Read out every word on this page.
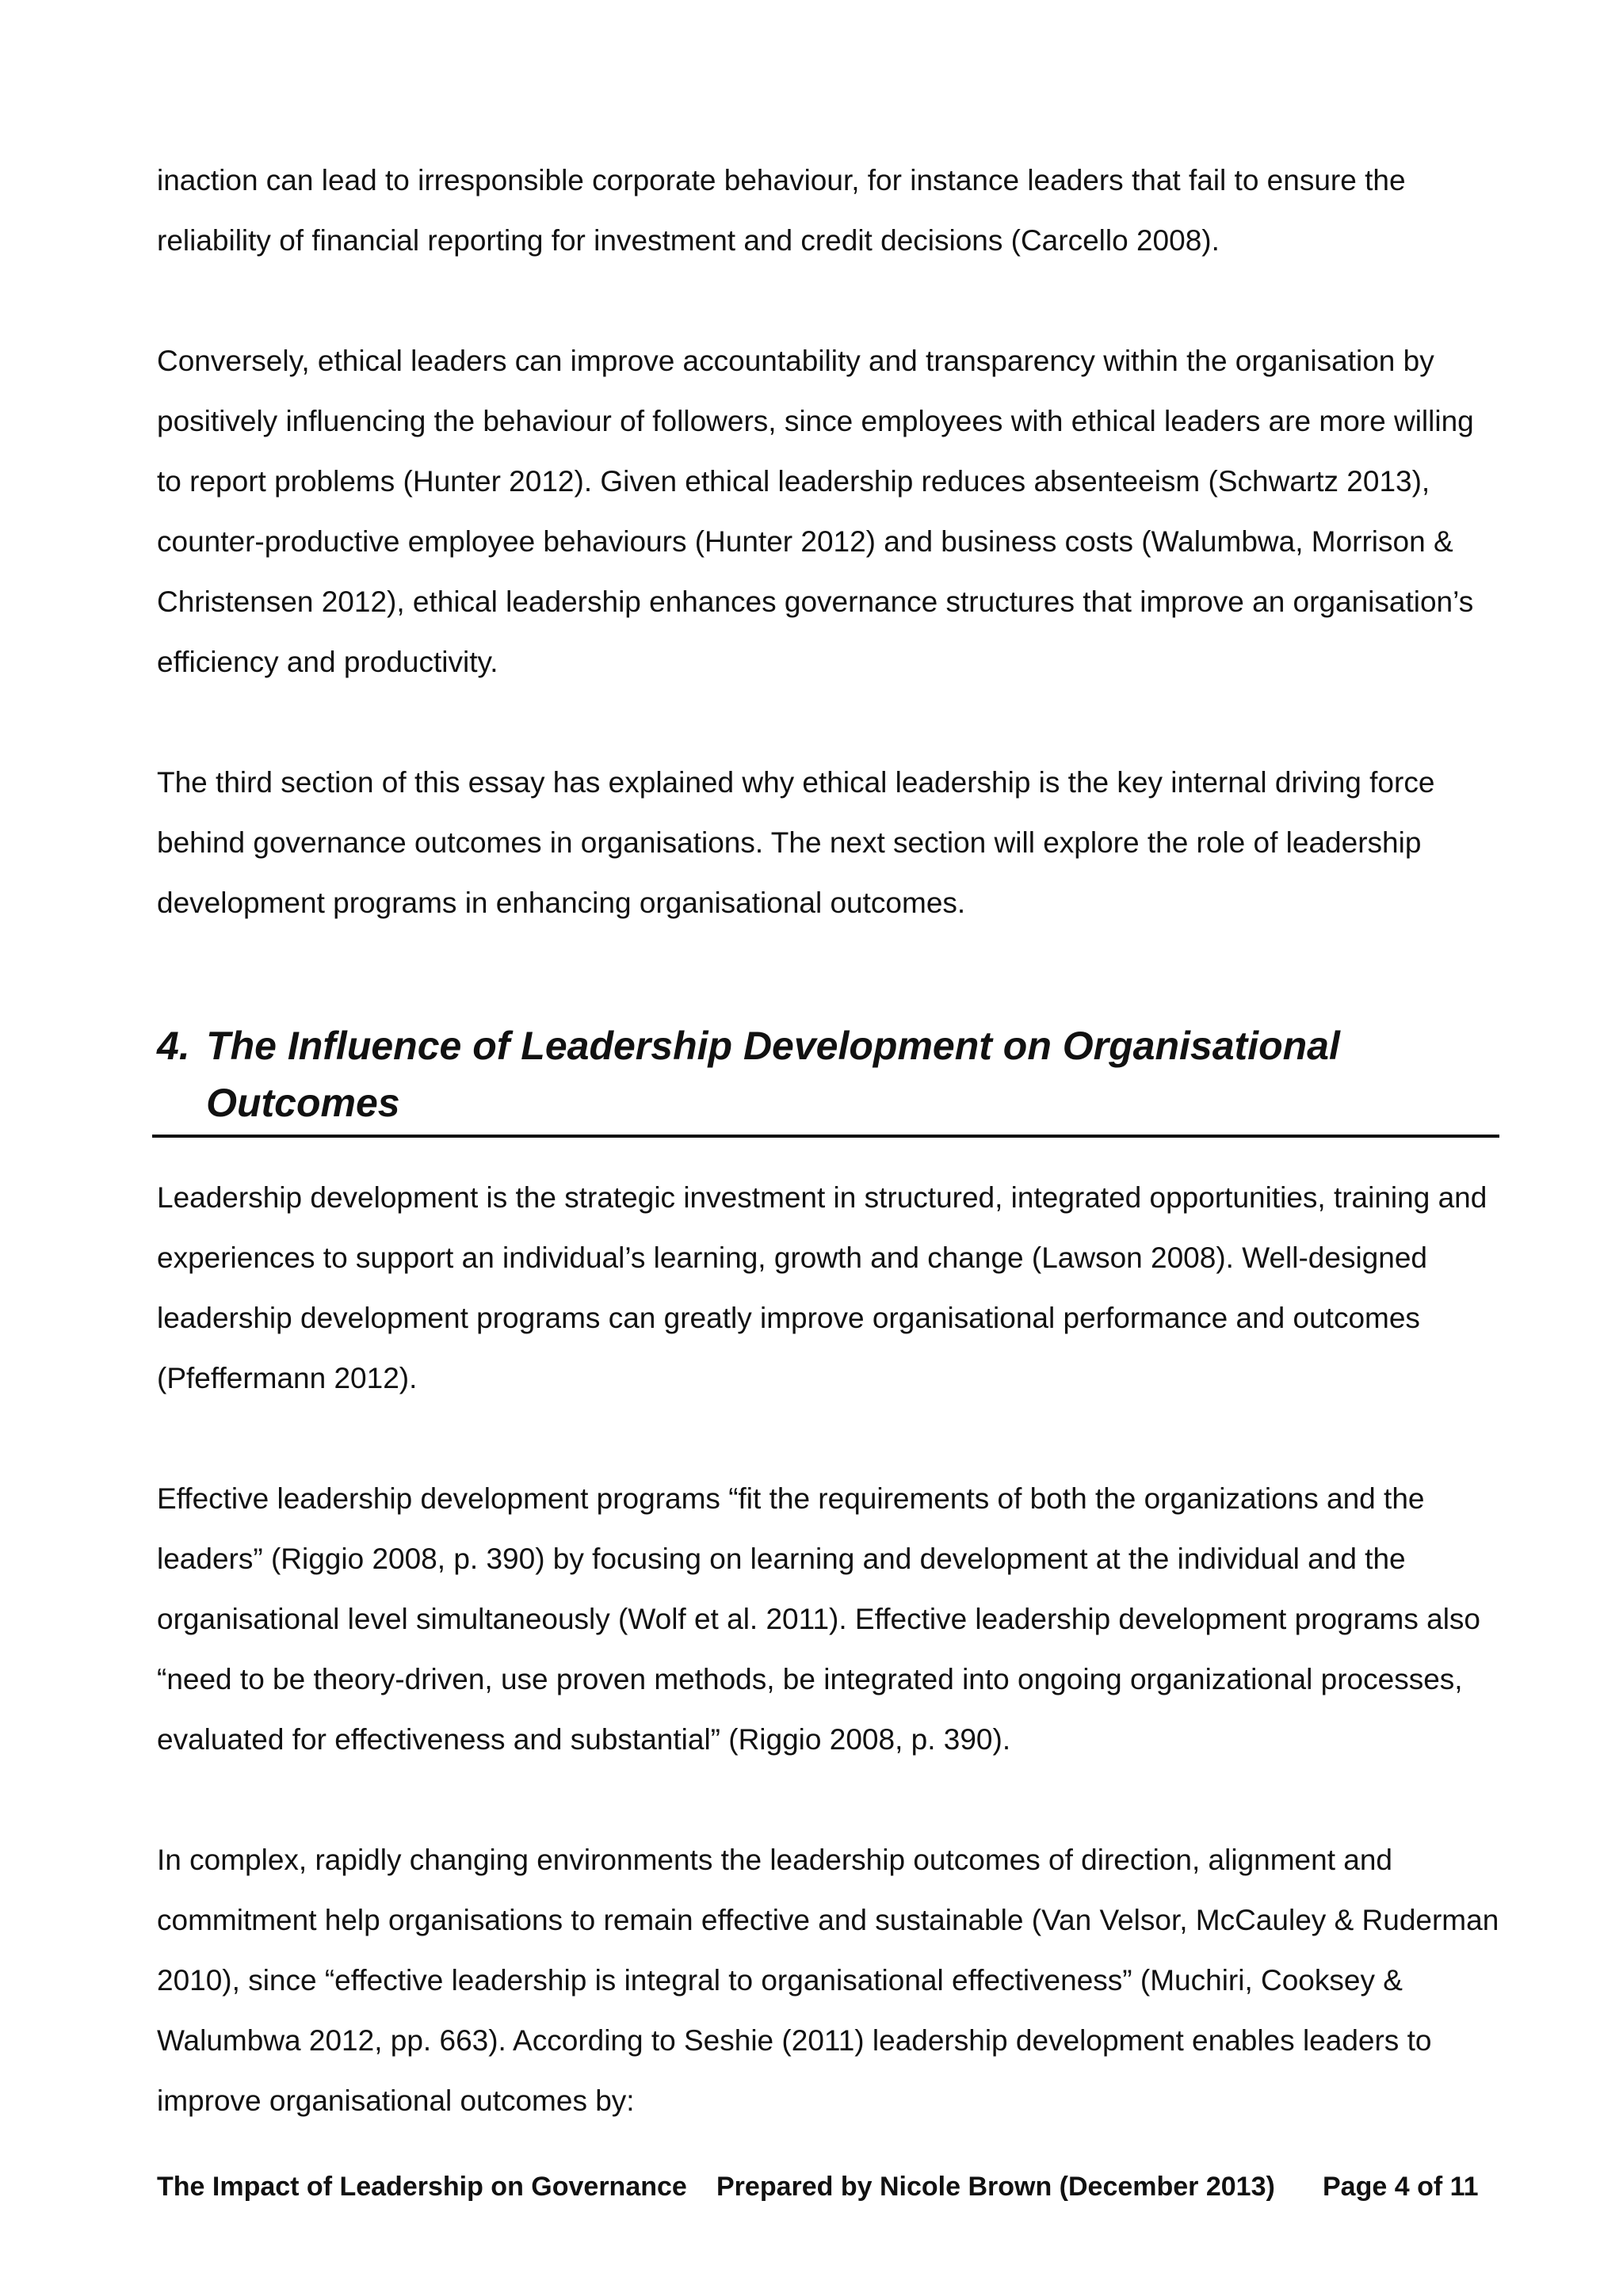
inaction can lead to irresponsible corporate behaviour, for instance leaders that fail to ensure the reliability of financial reporting for investment and credit decisions (Carcello 2008).

Conversely, ethical leaders can improve accountability and transparency within the organisation by positively influencing the behaviour of followers, since employees with ethical leaders are more willing to report problems (Hunter 2012). Given ethical leadership reduces absenteeism (Schwartz 2013), counter-productive employee behaviours (Hunter 2012) and business costs (Walumbwa, Morrison & Christensen 2012), ethical leadership enhances governance structures that improve an organisation’s efficiency and productivity.

The third section of this essay has explained why ethical leadership is the key internal driving force behind governance outcomes in organisations. The next section will explore the role of leadership development programs in enhancing organisational outcomes.

4. The Influence of Leadership Development on Organisational Outcomes

Leadership development is the strategic investment in structured, integrated opportunities, training and experiences to support an individual’s learning, growth and change (Lawson 2008). Well-designed leadership development programs can greatly improve organisational performance and outcomes (Pfeffermann 2012).

Effective leadership development programs “fit the requirements of both the organizations and the leaders” (Riggio 2008, p. 390) by focusing on learning and development at the individual and the organisational level simultaneously (Wolf et al. 2011). Effective leadership development programs also “need to be theory-driven, use proven methods, be integrated into ongoing organizational processes, evaluated for effectiveness and substantial” (Riggio 2008, p. 390).

In complex, rapidly changing environments the leadership outcomes of direction, alignment and commitment help organisations to remain effective and sustainable (Van Velsor, McCauley & Ruderman 2010), since “effective leadership is integral to organisational effectiveness” (Muchiri, Cooksey & Walumbwa 2012, pp. 663). According to Seshie (2011) leadership development enables leaders to improve organisational outcomes by:

The Impact of Leadership on Governance Prepared by Nicole Brown (December 2013) Page 4 of 11
